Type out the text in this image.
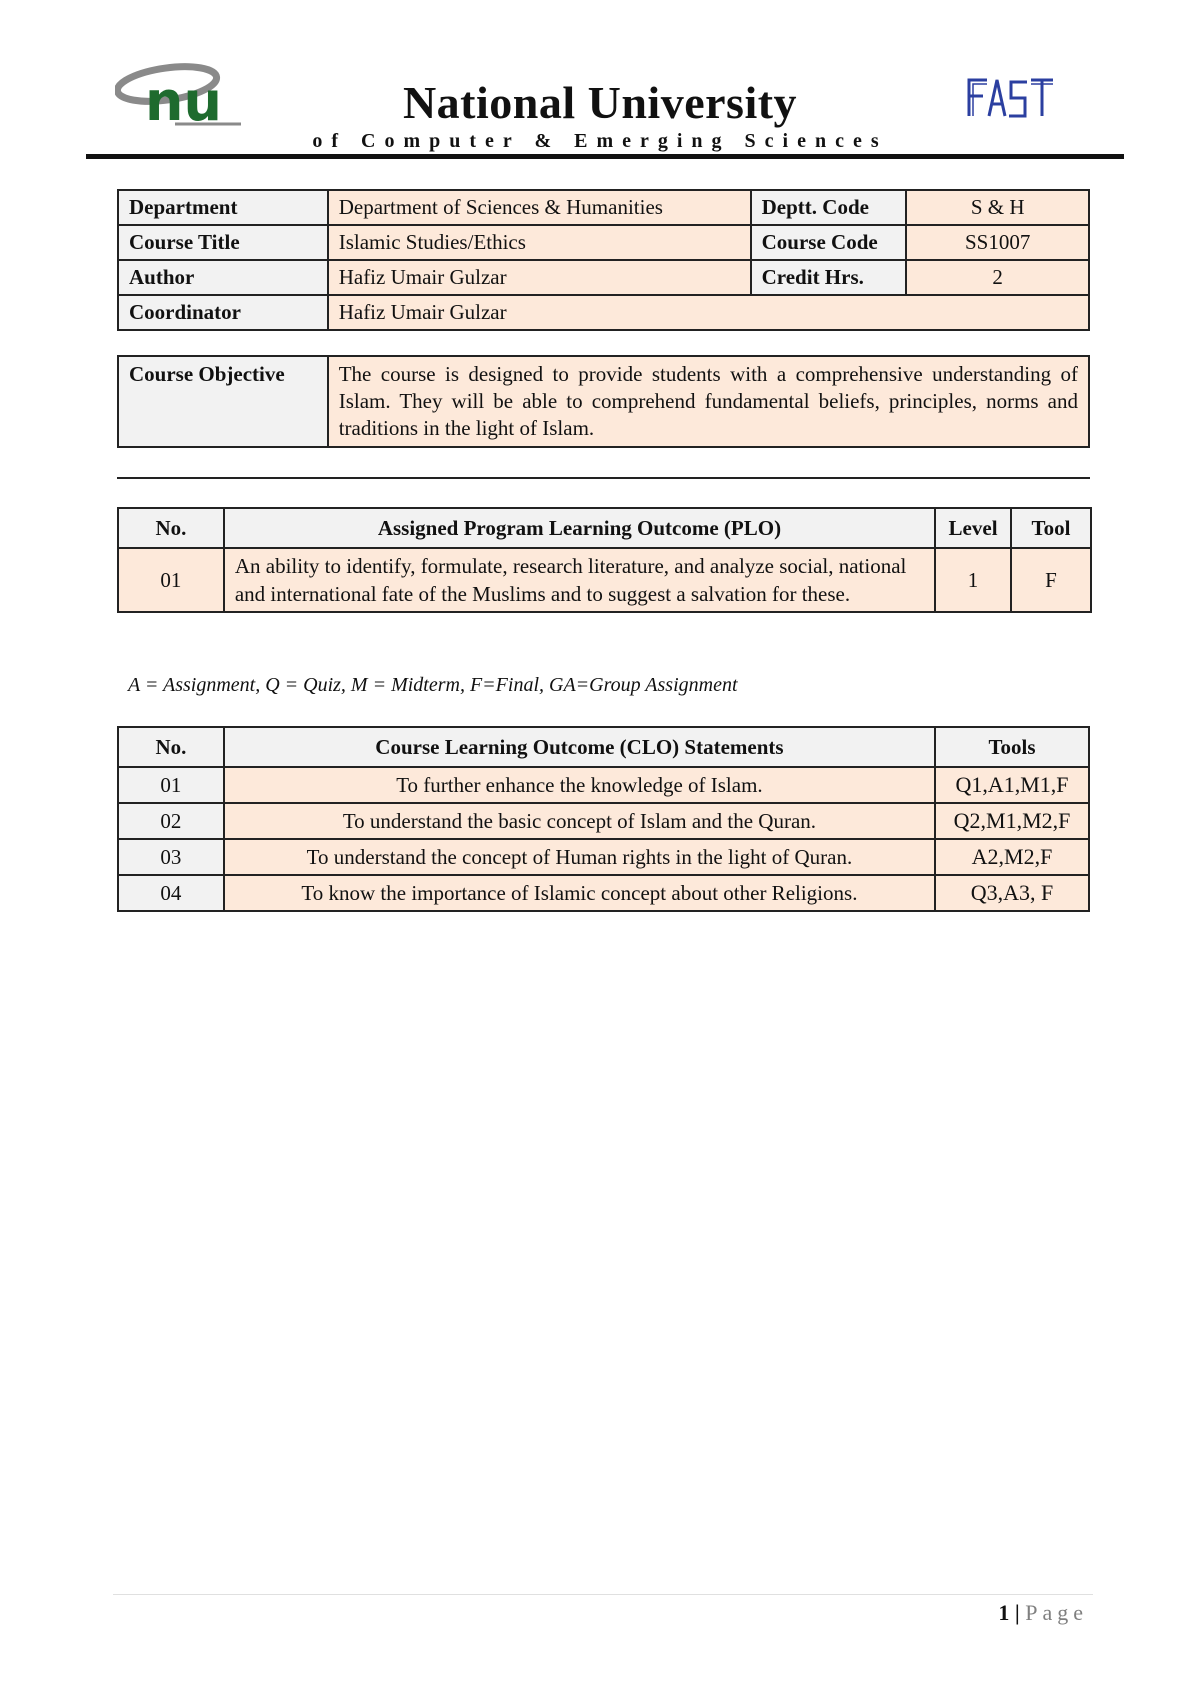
nu	National University
of Computer & Emerging Sciences
Department	Department of Sciences & Humanities	Deptt. Code	S & H
Course Title	Islamic Studies/Ethics	Course Code	SS1007
Author	Hafiz Umair Gulzar	Credit Hrs.	2
Coordinator	Hafiz Umair Gulzar		
Course Objective	The course is designed to provide students with a comprehensive understanding of Islam. They will be able to comprehend fundamental beliefs, principles, norms and traditions in the light of Islam.
No.	Assigned Program Learning Outcome (PLO)	Level	Tool
01	An ability to identify, formulate, research literature, and analyze social, national and international fate of the Muslims and to suggest a salvation for these.	1	F
A = Assignment, Q = Quiz, M = Midterm, F=Final, GA=Group Assignment
No.	Course Learning Outcome (CLO) Statements	Tools
01	To further enhance the knowledge of Islam.	Q1,A1,M1,F
02	To understand the basic concept of Islam and the Quran.	Q2,M1,M2,F
03	To understand the concept of Human rights in the light of Quran.	A2,M2,F
04	To know the importance of Islamic concept about other Religions.	Q3,A3, F
1 | Page
